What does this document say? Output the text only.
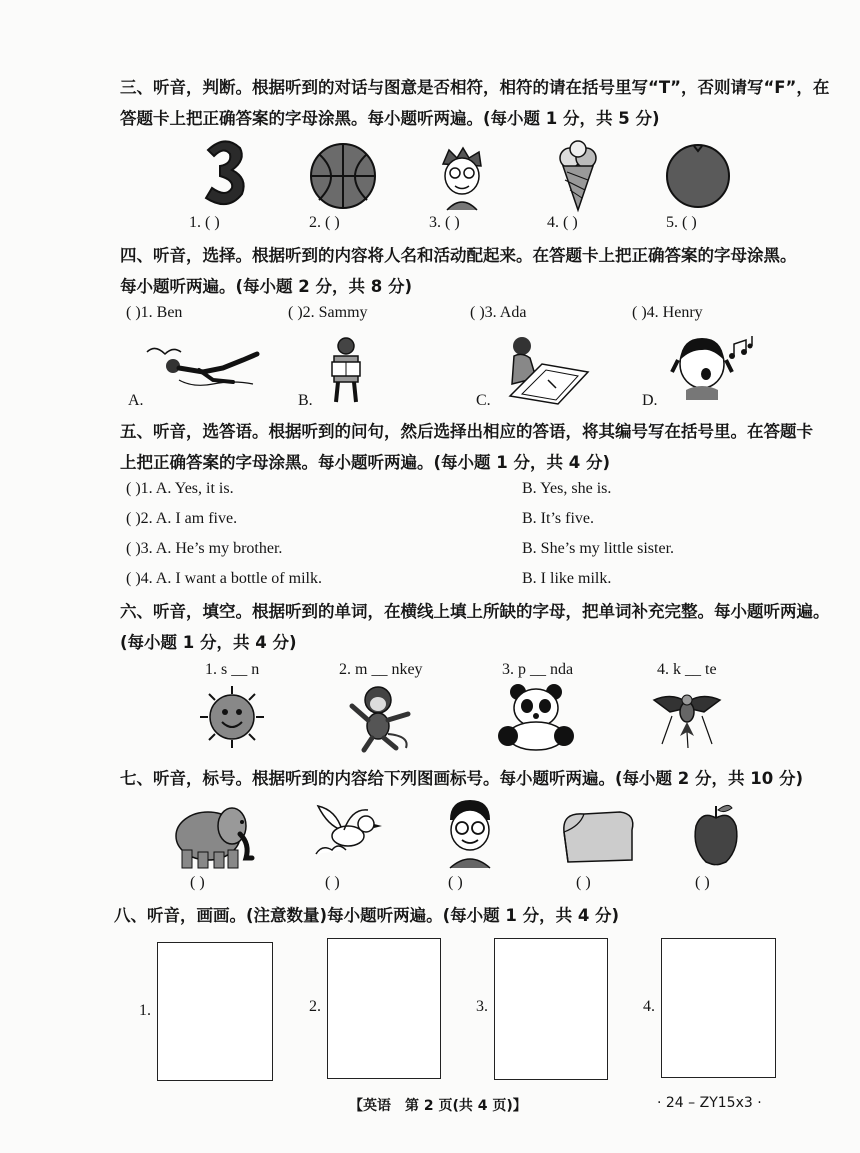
三、听音，判断。根据听到的对话与图意是否相符，相符的请在括号里写“T”，否则请写“F”，在
答题卡上把正确答案的字母涂黑。每小题听两遍。(每小题 1 分，共 5 分)
1. ( )	2. ( )	3. ( )	4. ( )	5. ( )
四、听音，选择。根据听到的内容将人名和活动配起来。在答题卡上把正确答案的字母涂黑。
每小题听两遍。(每小题 2 分，共 8 分)
( )1. Ben	( )2. Sammy	( )3. Ada	( )4. Henry
A.	B.	C.	D.
五、听音，选答语。根据听到的问句，然后选择出相应的答语，将其编号写在括号里。在答题卡
上把正确答案的字母涂黑。每小题听两遍。(每小题 1 分，共 4 分)
( )1. A. Yes, it is.	B. Yes, she is.
( )2. A. I am five.	B. It’s five.
( )3. A. He’s my brother.	B. She’s my little sister.
( )4. A. I want a bottle of milk.	B. I like milk.
六、听音，填空。根据听到的单词，在横线上填上所缺的字母，把单词补充完整。每小题听两遍。
(每小题 1 分，共 4 分)
1. s __ n	2. m __ nkey	3. p __ nda	4. k __ te
七、听音，标号。根据听到的内容给下列图画标号。每小题听两遍。(每小题 2 分，共 10 分)
( )	( )	( )	( )	( )
八、听音，画画。(注意数量)每小题听两遍。(每小题 1 分，共 4 分)
1.	2.	3.	4.
【英语　第 2 页(共 4 页)】	· 24 – ZY15x3 ·
